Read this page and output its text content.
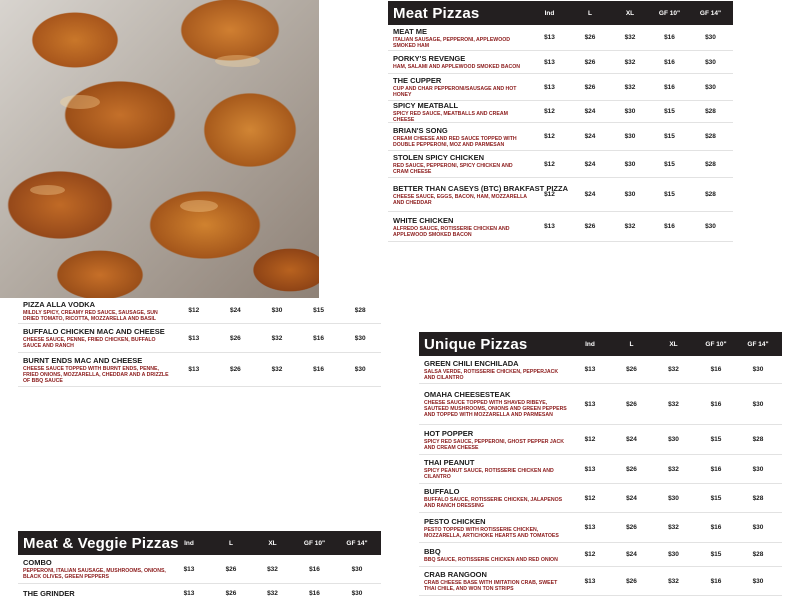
Meat Pizzas	Ind	L	XL	GF 10"	GF 14"
MEAT ME
ITALIAN SAUSAGE, PEPPERONI, APPLEWOOD SMOKED HAM
$13	$26	$32	$16	$30
PORKY'S REVENGE
HAM, SALAMI AND APPLEWOOD SMOKED BACON
$13	$26	$32	$16	$30
THE CUPPER
CUP AND CHAR PEPPERONI/SAUSAGE AND HOT HONEY
$13	$26	$32	$16	$30
SPICY MEATBALL
SPICY RED SAUCE, MEATBALLS AND CREAM CHEESE
$12	$24	$30	$15	$28
BRIAN'S SONG
CREAM CHEESE AND RED SAUCE TOPPED WITH DOUBLE PEPPERONI, MOZ AND PARMESAN
$12	$24	$30	$15	$28
STOLEN SPICY CHICKEN
RED SAUCE, PEPPERONI, SPICY CHICKEN AND CRAM CHEESE
$12	$24	$30	$15	$28
BETTER THAN CASEYS (BTC) BRAKFAST PIZZA
CHEESE SAUCE, EGGS, BACON, HAM, MOZZARELLA AND CHEDDAR
$12	$24	$30	$15	$28
WHITE CHICKEN
ALFREDO SAUCE, ROTISSERIE CHICKEN AND APPLEWOOD SMOKED BACON
$13	$26	$32	$16	$30
PIZZA ALLA VODKA
MILDLY SPICY, CREAMY RED SAUCE, SAUSAGE, SUN DRIED TOMATO, RICOTTA, MOZZARELLA AND BASIL
$12	$24	$30	$15	$28
BUFFALO CHICKEN MAC AND CHEESE
CHEESE SAUCE, PENNE, FRIED CHICKEN, BUFFALO SAUCE AND RANCH
$13	$26	$32	$16	$30
BURNT ENDS MAC AND CHEESE
CHEESE SAUCE TOPPED WITH BURNT ENDS, PENNE, FRIED ONIONS, MOZZARELLA, CHEDDAR AND A DRIZZLE OF BBQ SAUCE
$13	$26	$32	$16	$30
Unique Pizzas	Ind	L	XL	GF 10"	GF 14"
GREEN CHILI ENCHILADA
SALSA VERDE, ROTISSERIE CHICKEN, PEPPERJACK AND CILANTRO
$13	$26	$32	$16	$30
OMAHA CHEESESTEAK
CHEESE SAUCE TOPPED WITH SHAVED RIBEYE, SAUTEED MUSHROOMS, ONIONS AND GREEN PEPPERS AND TOPPED WITH MOZZARELLA AND PARMESAN
$13	$26	$32	$16	$30
HOT POPPER
SPICY RED SAUCE, PEPPERONI, GHOST PEPPER JACK AND CREAM CHEESE
$12	$24	$30	$15	$28
THAI PEANUT
SPICY PEANUT SAUCE, ROTISSERIE CHICKEN AND CILANTRO
$13	$26	$32	$16	$30
BUFFALO
BUFFALO SAUCE, ROTISSERIE CHICKEN, JALAPENOS AND RANCH DRESSING
$12	$24	$30	$15	$28
PESTO CHICKEN
PESTO TOPPED WITH ROTISSERIE CHICKEN, MOZZARELLA, ARTICHOKE HEARTS AND TOMATOES
$13	$26	$32	$16	$30
BBQ
BBQ SAUCE, ROTISSERIE CHICKEN AND RED ONION
$12	$24	$30	$15	$28
CRAB RANGOON
CRAB CHEESE BASE WITH IMITATION CRAB, SWEET THAI CHILE, AND WON TON STRIPS
$13	$26	$32	$16	$30
Meat & Veggie Pizzas Ind	L	XL	GF 10"	GF 14"
COMBO
PEPPERONI, ITALIAN SAUSAGE, MUSHROOMS, ONIONS, BLACK OLIVES, GREEN PEPPERS
$13	$26	$32	$16	$30
THE GRINDER	$13	$26	$32	$16	$30
